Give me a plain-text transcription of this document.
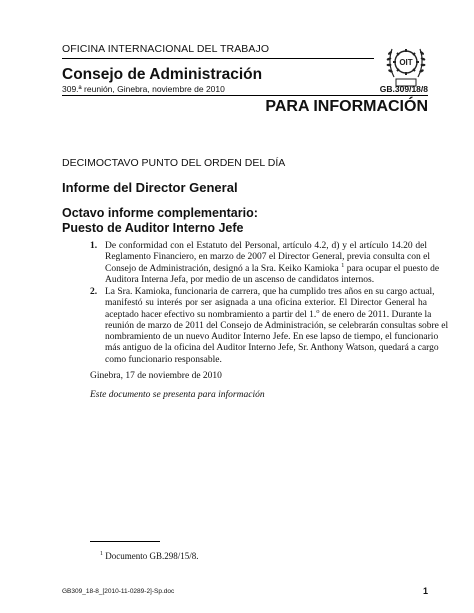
OFICINA INTERNACIONAL DEL TRABAJO
OIT
Consejo de Administración
309.ª reunión, Ginebra, noviembre de 2010	GB.309/18/8
PARA INFORMACIÓN
DECIMOCTAVO PUNTO DEL ORDEN DEL DÍA
Informe del Director General
Octavo informe complementario:
Puesto de Auditor Interno Jefe
1. De conformidad con el Estatuto del Personal, artículo 4.2, d) y el artículo 14.20 del
Reglamento Financiero, en marzo de 2007 el Director General, previa consulta con el
Consejo de Administración, designó a la Sra. Keiko Kamioka $^1$ para ocupar el puesto de
Auditora Interna Jefa, por medio de un ascenso de candidatos internos.
2. La Sra. Kamioka, funcionaria de carrera, que ha cumplido tres años en su cargo actual,
manifestó su interés por ser asignada a una oficina exterior. El Director General ha
aceptado hacer efectivo su nombramiento a partir del 1.$^o$ de enero de 2011. Durante la
reunión de marzo de 2011 del Consejo de Administración, se celebrarán consultas sobre el
nombramiento de un nuevo Auditor Interno Jefe. En ese lapso de tiempo, el funcionario
más antiguo de la oficina del Auditor Interno Jefe, Sr. Anthony Watson, quedará a cargo
como funcionario responsable.
Ginebra, 17 de noviembre de 2010
Este documento se presenta para información
$^1$ Documento GB.298/15/8.
GB309_18-8_[2010-11-0289-2]-Sp.doc	1
